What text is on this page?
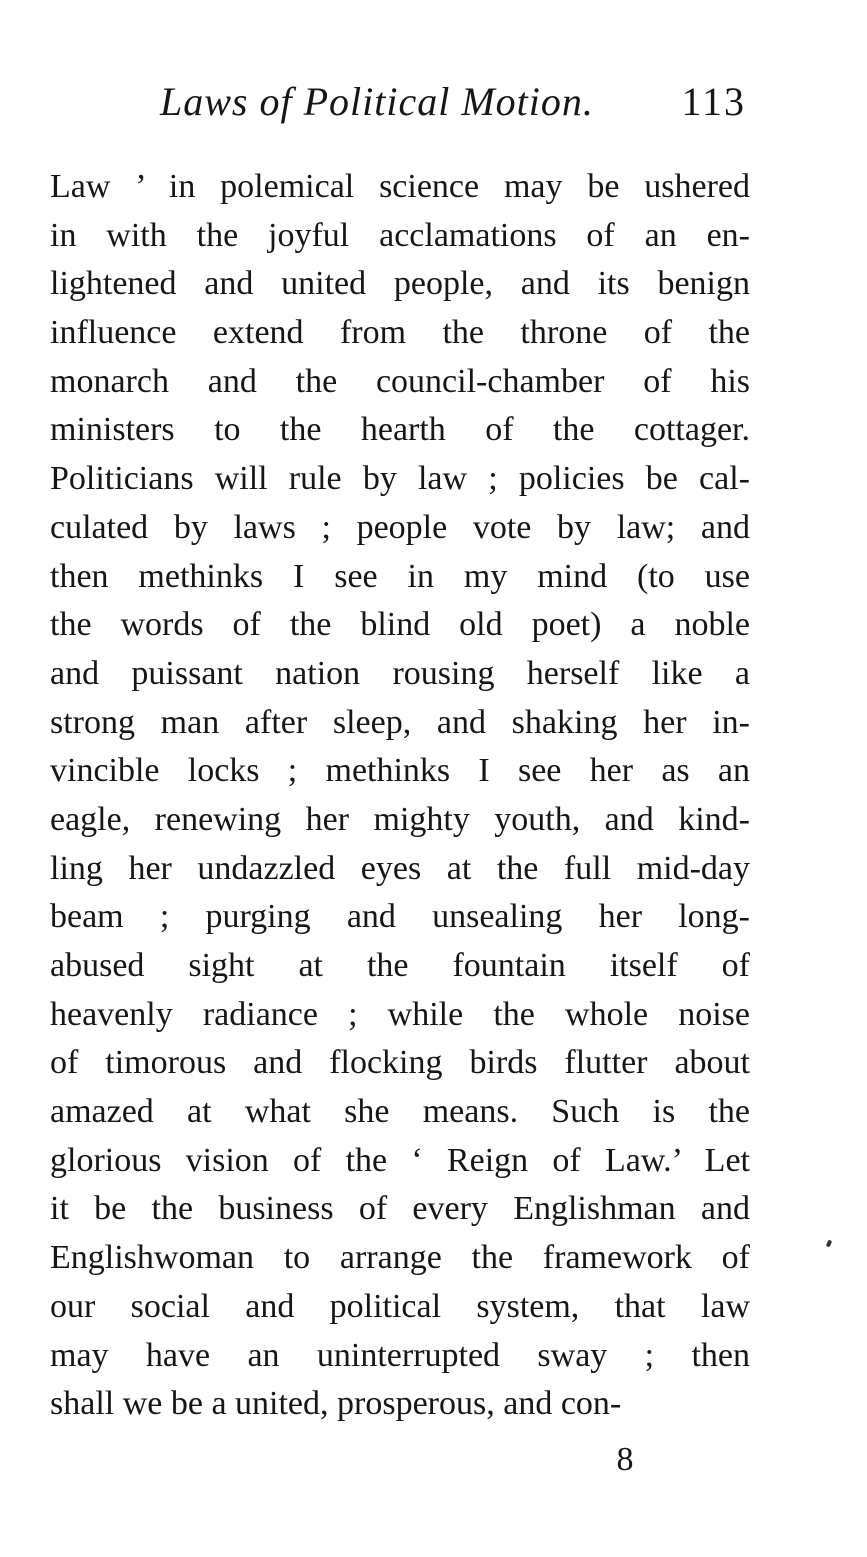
Laws of Political Motion. 113
Law ’ in polemical science may be ushered
in with the joyful acclamations of an en-
lightened and united people, and its benign
influence extend from the throne of the
monarch and the council-chamber of his
ministers to the hearth of the cottager.
Politicians will rule by law ; policies be cal-
culated by laws ; people vote by law; and
then methinks I see in my mind (to use
the words of the blind old poet) a noble
and puissant nation rousing herself like a
strong man after sleep, and shaking her in-
vincible locks ; methinks I see her as an
eagle, renewing her mighty youth, and kind-
ling her undazzled eyes at the full mid-day
beam ; purging and unsealing her long-
abused sight at the fountain itself of
heavenly radiance ; while the whole noise
of timorous and flocking birds flutter about
amazed at what she means. Such is the
glorious vision of the ‘ Reign of Law.’ Let
it be the business of every Englishman and
Englishwoman to arrange the framework of
our social and political system, that law
may have an uninterrupted sway ; then
shall we be a united, prosperous, and con-
8
